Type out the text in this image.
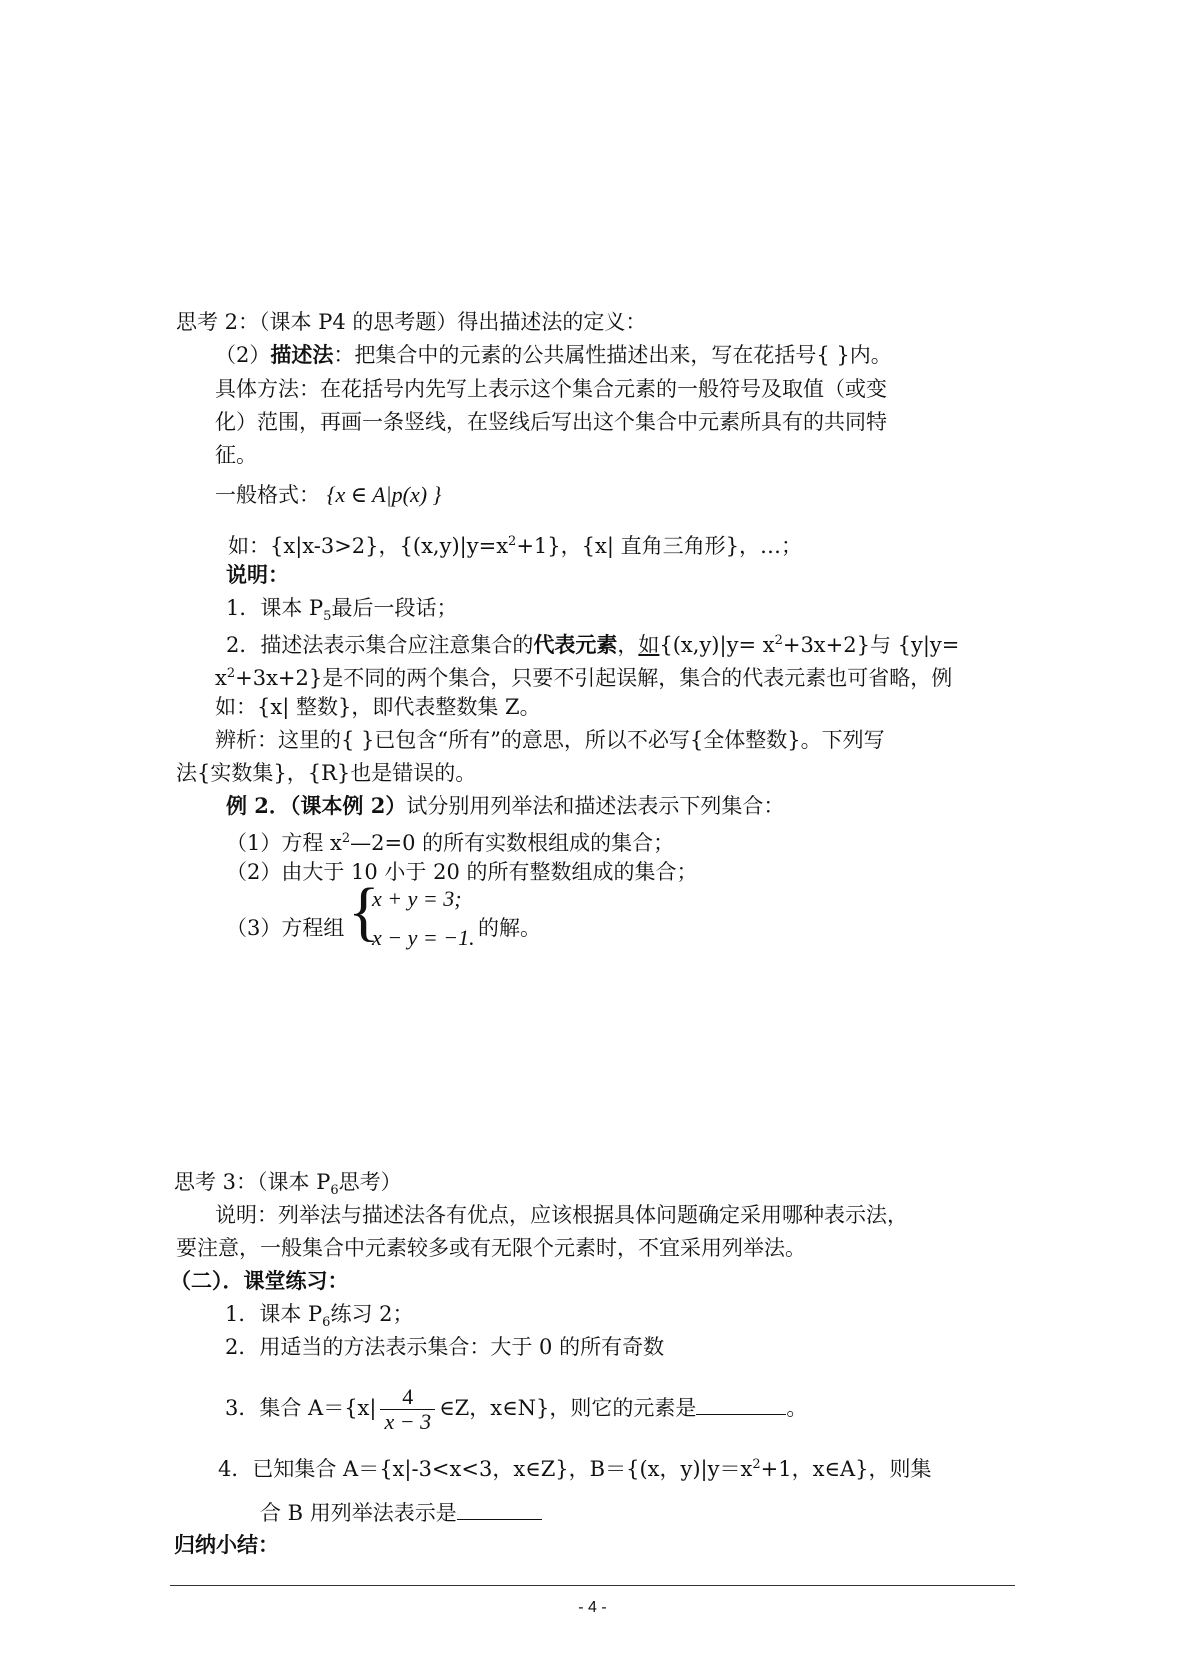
思考 2：（课本 P4 的思考题）得出描述法的定义：
（2）描述法：把集合中的元素的公共属性描述出来，写在花括号{ }内。
具体方法：在花括号内先写上表示这个集合元素的一般符号及取值（或变
化）范围，再画一条竖线，在竖线后写出这个集合中元素所具有的共同特
征。
一般格式： {x ∈ A|p(x) }
如：{x|x-3>2}，$\{(x,y)|y=x^2+1\}$，{x| 直角三角形}，…；
说明：
1．课本 $P_5$最后一段话；
2．描述法表示集合应注意集合的代表元素，如$\{(x,y)|y= x^2+3x+2\}$与 {y|y=
$x^2+3x+2$}是不同的两个集合，只要不引起误解，集合的代表元素也可省略，例
如：{x| 整数}，即代表整数集 Z。
辨析：这里的{ }已包含“所有”的意思，所以不必写{全体整数}。下列写
法{实数集}，{R}也是错误的。
例 2．（课本例 2）试分别用列举法和描述法表示下列集合：
（1）方程 $x^2—2=0$ 的所有实数根组成的集合；
（2）由大于 10 小于 20 的所有整数组成的集合；
（3）方程组 {
x + y = 3;
x − y = −1. 的解。
思考 3：（课本 $P_6$思考）
说明：列举法与描述法各有优点，应该根据具体问题确定采用哪种表示法，
要注意，一般集合中元素较多或有无限个元素时，不宜采用列举法。
（二）．课堂练习：
1．课本 $P_6$练习 2；
2．用适当的方法表示集合：大于 0 的所有奇数
3．集合 $A=\{x| \frac{4}{x - 3}$ ∈Z，x∈N}，则它的元素是	。
4．已知集合 A＝{x|-3<x<3，x∈Z}，B＝{(x，$y)|y=x^2+1$，x∈A}，则集
合 B 用列举法表示是
归纳小结：
- 4 -
